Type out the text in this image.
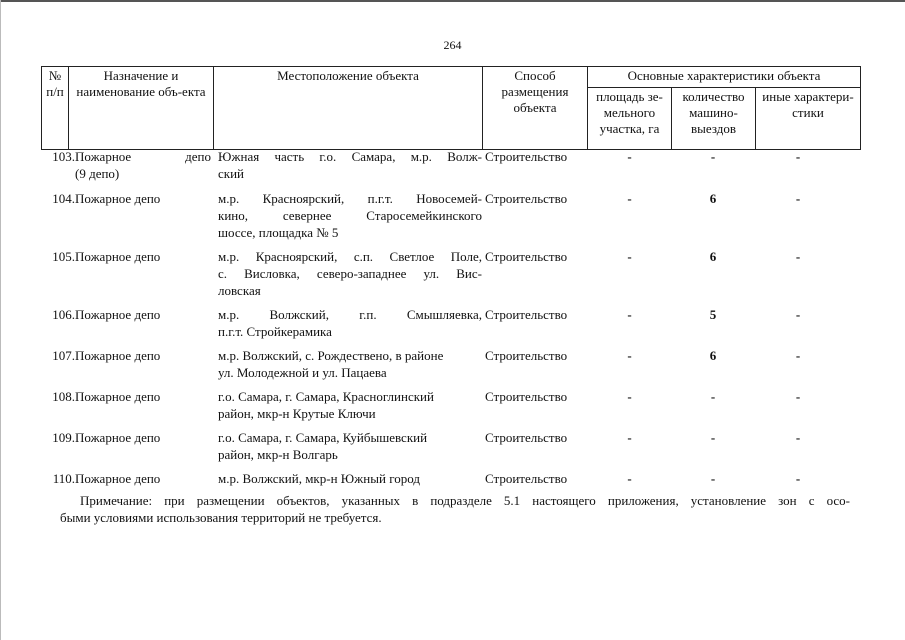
264
№ п/п	Назначение и наименование объ-екта	Местоположение объекта	Способ размещения объекта	Основные характеристики объекта		
				площадь зе-мельного участка, га	количество машино-выездов	иные характери-стики
103. Пожарное депо
(9 депо)
Южная часть г.о. Самара, м.р. Волж-
ский
Строительство	-	-	-
104. Пожарное депо	м.р. Красноярский, п.г.т. Новосемей-
кино, севернее Старосемейкинского
шоссе, площадка № 5
Строительство	-	6	-
105. Пожарное депо	м.р. Красноярский, с.п. Светлое Поле,
с. Висловка, северо-западнее ул. Вис-
ловская
Строительство	-	6	-
106. Пожарное депо	м.р. Волжский, г.п. Смышляевка,
п.г.т. Стройкерамика
Строительство	-	5	-
107. Пожарное депо	м.р. Волжский, с. Рождествено, в районе
ул. Молодежной и ул. Пацаева
Строительство	-	6	-
108. Пожарное депо	г.о. Самара, г. Самара, Красноглинский
район, мкр-н Крутые Ключи
Строительство	-	-	-
109. Пожарное депо	г.о. Самара, г. Самара, Куйбышевский
район, мкр-н Волгарь
Строительство	-	-	-
110. Пожарное депо	м.р. Волжский, мкр-н Южный город	Строительство	-	-	-
Примечание: при размещении объектов, указанных в подразделе 5.1 настоящего приложения, установление зон с осо-
быми условиями использования территорий не требуется.
